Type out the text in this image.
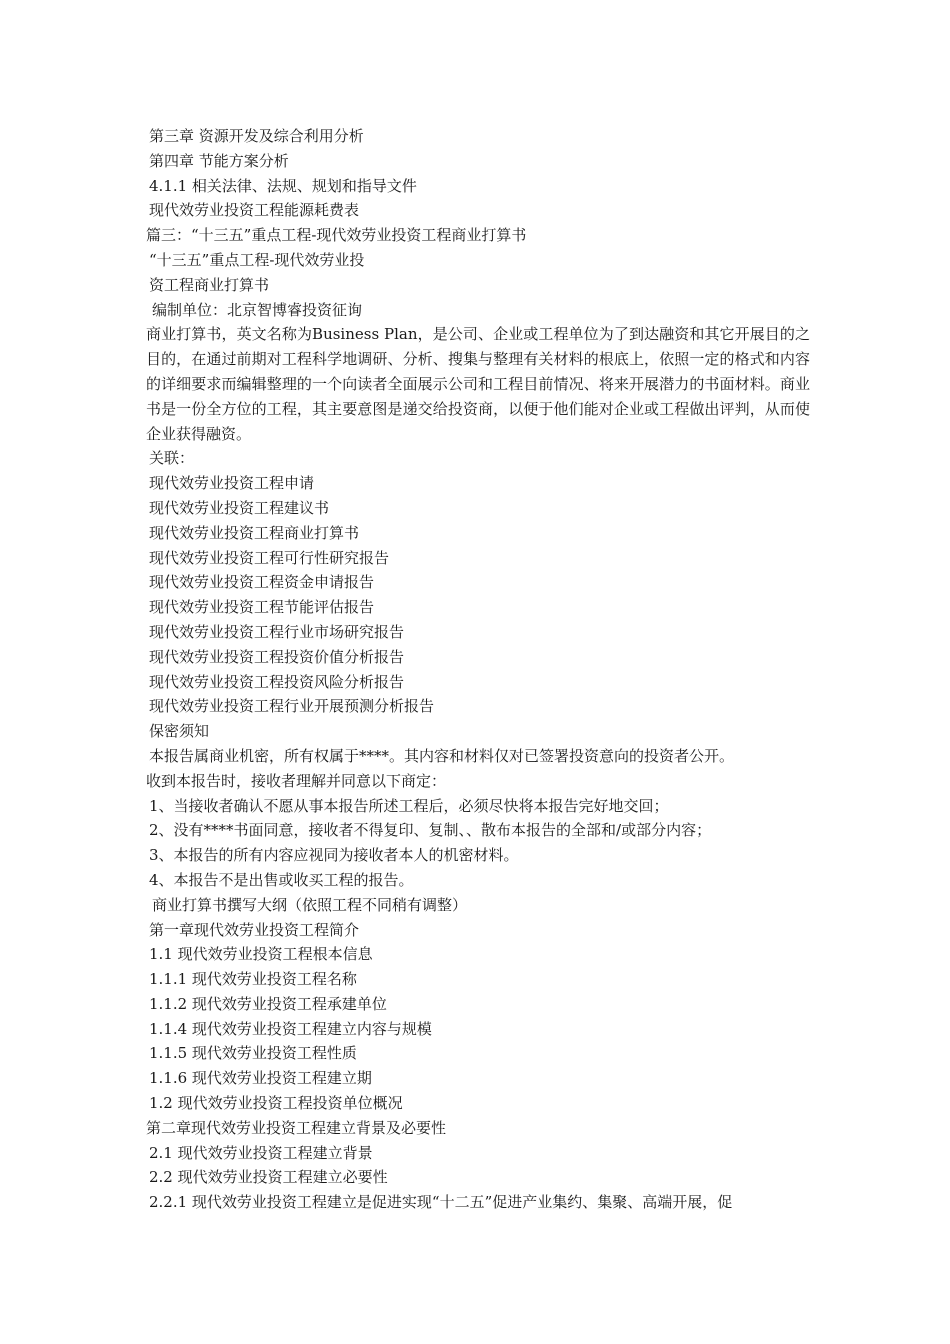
第三章 资源开发及综合利用分析
第四章 节能方案分析
4.1.1 相关法律、法规、规划和指导文件
现代效劳业投资工程能源耗费表
篇三：“十三五”重点工程-现代效劳业投资工程商业打算书
“十三五”重点工程-现代效劳业投
资工程商业打算书
编制单位：北京智博睿投资征询
商业打算书，英文名称为Business Plan，是公司、企业或工程单位为了到达融资和其它开展目的之目的，在通过前期对工程科学地调研、分析、搜集与整理有关材料的根底上，依照一定的格式和内容的详细要求而编辑整理的一个向读者全面展示公司和工程目前情况、将来开展潜力的书面材料。商业书是一份全方位的工程，其主要意图是递交给投资商，以便于他们能对企业或工程做出评判，从而使企业获得融资。
关联：
现代效劳业投资工程申请
现代效劳业投资工程建议书
现代效劳业投资工程商业打算书
现代效劳业投资工程可行性研究报告
现代效劳业投资工程资金申请报告
现代效劳业投资工程节能评估报告
现代效劳业投资工程行业市场研究报告
现代效劳业投资工程投资价值分析报告
现代效劳业投资工程投资风险分析报告
现代效劳业投资工程行业开展预测分析报告
保密须知
本报告属商业机密，所有权属于****。其内容和材料仅对已签署投资意向的投资者公开。
收到本报告时，接收者理解并同意以下商定：
1、当接收者确认不愿从事本报告所述工程后，必须尽快将本报告完好地交回；
2、没有****书面同意，接收者不得复印、复制、、散布本报告的全部和/或部分内容；
3、本报告的所有内容应视同为接收者本人的机密材料。
4、本报告不是出售或收买工程的报告。
商业打算书撰写大纲（依照工程不同稍有调整）
第一章现代效劳业投资工程简介
1.1 现代效劳业投资工程根本信息
1.1.1 现代效劳业投资工程名称
1.1.2 现代效劳业投资工程承建单位
1.1.4 现代效劳业投资工程建立内容与规模
1.1.5 现代效劳业投资工程性质
1.1.6 现代效劳业投资工程建立期
1.2 现代效劳业投资工程投资单位概况
第二章现代效劳业投资工程建立背景及必要性
2.1 现代效劳业投资工程建立背景
2.2 现代效劳业投资工程建立必要性
2.2.1 现代效劳业投资工程建立是促进实现“十二五”促进产业集约、集聚、高端开展，促
